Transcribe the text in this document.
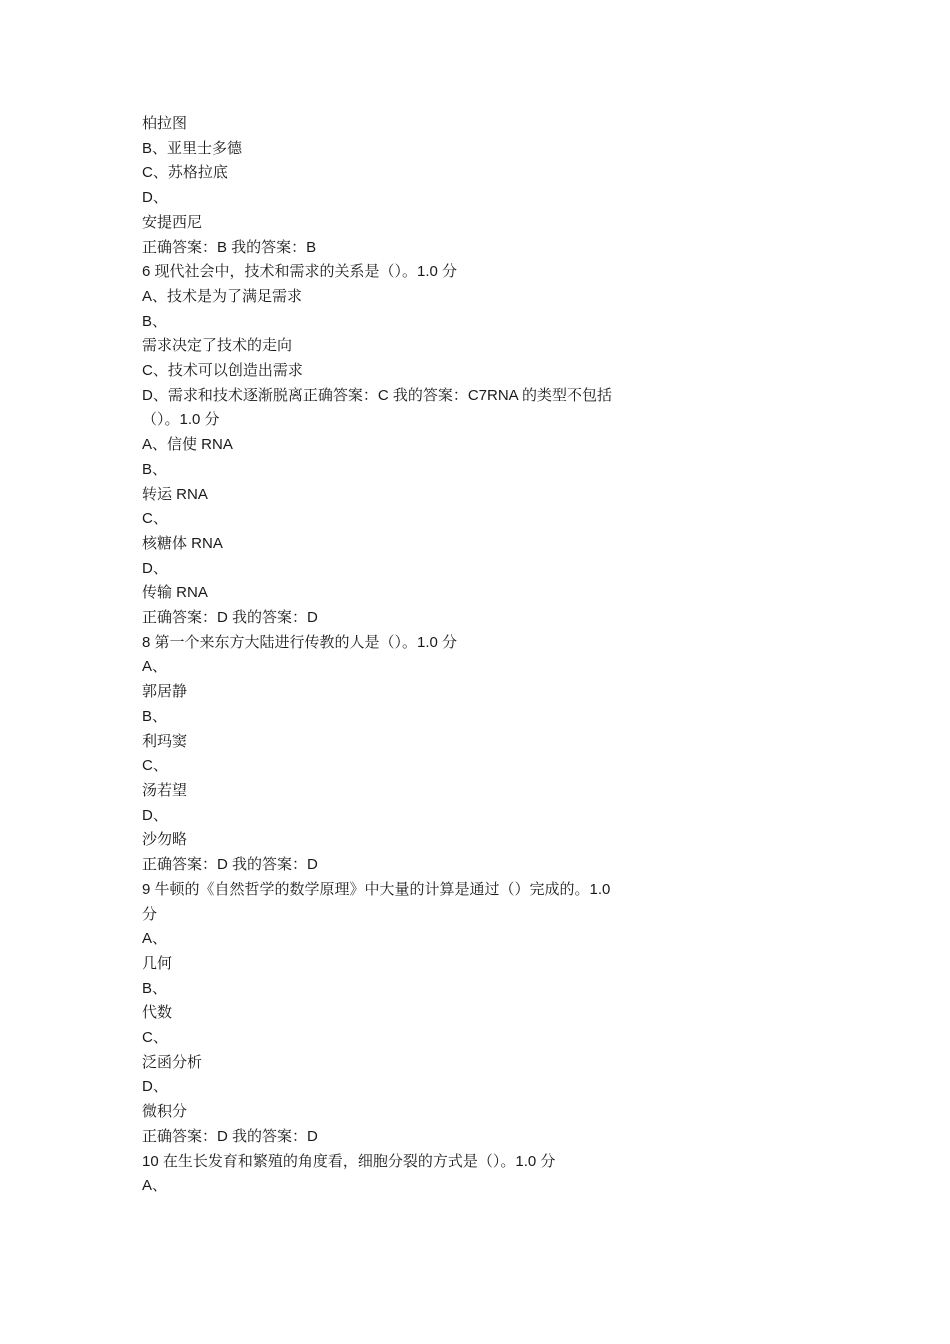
柏拉图
B、亚里士多德
C、苏格拉底
D、
安提西尼
正确答案：B 我的答案：B
6 现代社会中，技术和需求的关系是（）。1.0 分
A、技术是为了满足需求
B、
需求决定了技术的走向
C、技术可以创造出需求
D、需求和技术逐渐脱离正确答案：C 我的答案：C7RNA 的类型不包括
（）。1.0 分
A、信使 RNA
B、
转运 RNA
C、
核糖体 RNA
D、
传输 RNA
正确答案：D 我的答案：D
8 第一个来东方大陆进行传教的人是（）。1.0 分
A、
郭居静
B、
利玛窦
C、
汤若望
D、
沙勿略
正确答案：D 我的答案：D
9 牛顿的《自然哲学的数学原理》中大量的计算是通过（）完成的。1.0
分
A、
几何
B、
代数
C、
泛函分析
D、
微积分
正确答案：D 我的答案：D
10 在生长发育和繁殖的角度看，细胞分裂的方式是（）。1.0 分
A、
